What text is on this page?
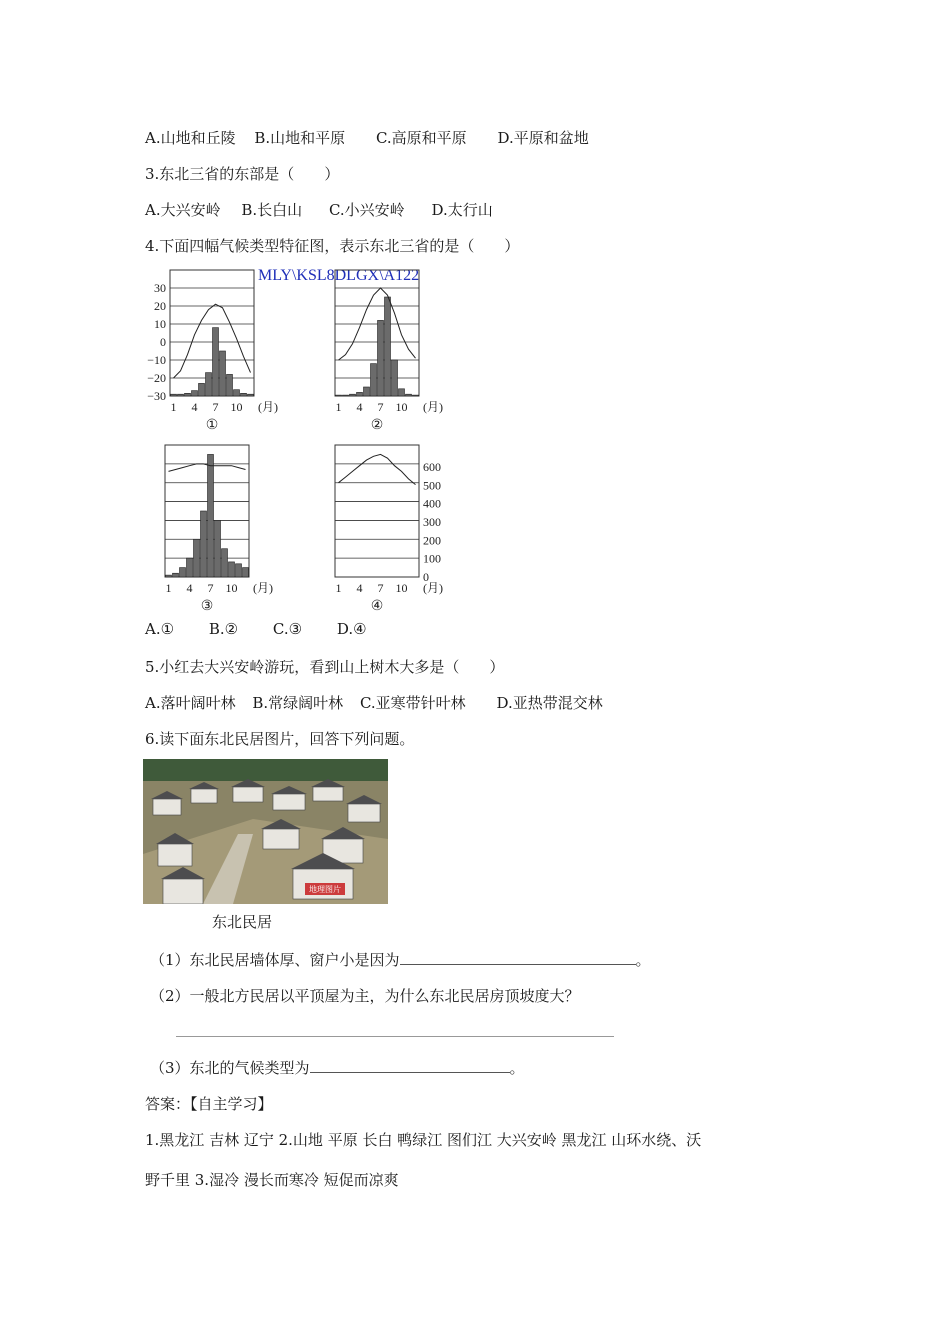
A.山地和丘陵 B.山地和平原 C.高原和平原 D.平原和盆地
3.东北三省的东部是（　　）
A.大兴安岭 B.长白山 C.小兴安岭 D.太行山
4.下面四幅气候类型特征图，表示东北三省的是（　　）
MLY\KSL8DLGX\A122
1 4 7 10 (月)
①
1 4 7 10 (月)
②
1 4 7 10 (月)
③
1 4 7 10 (月)
④
30
20
10
0
−10
−20
−30
600
500
400
300
200
100
0
A.① B.② C.③ D.④
5.小红去大兴安岭游玩，看到山上树木大多是（　　）
A.落叶阔叶林 B.常绿阔叶林 C.亚寒带针叶林 D.亚热带混交林
6.读下面东北民居图片，回答下列问题。
地理图片
东北民居
（1）东北民居墙体厚、窗户小是因为	。
（2）一般北方民居以平顶屋为主，为什么东北民居房顶坡度大？
（3）东北的气候类型为	。
答案：【自主学习】
1.黑龙江 吉林 辽宁 2.山地 平原 长白 鸭绿江 图们江 大兴安岭 黑龙江 山环水绕、沃
野千里 3.湿冷 漫长而寒冷 短促而凉爽
